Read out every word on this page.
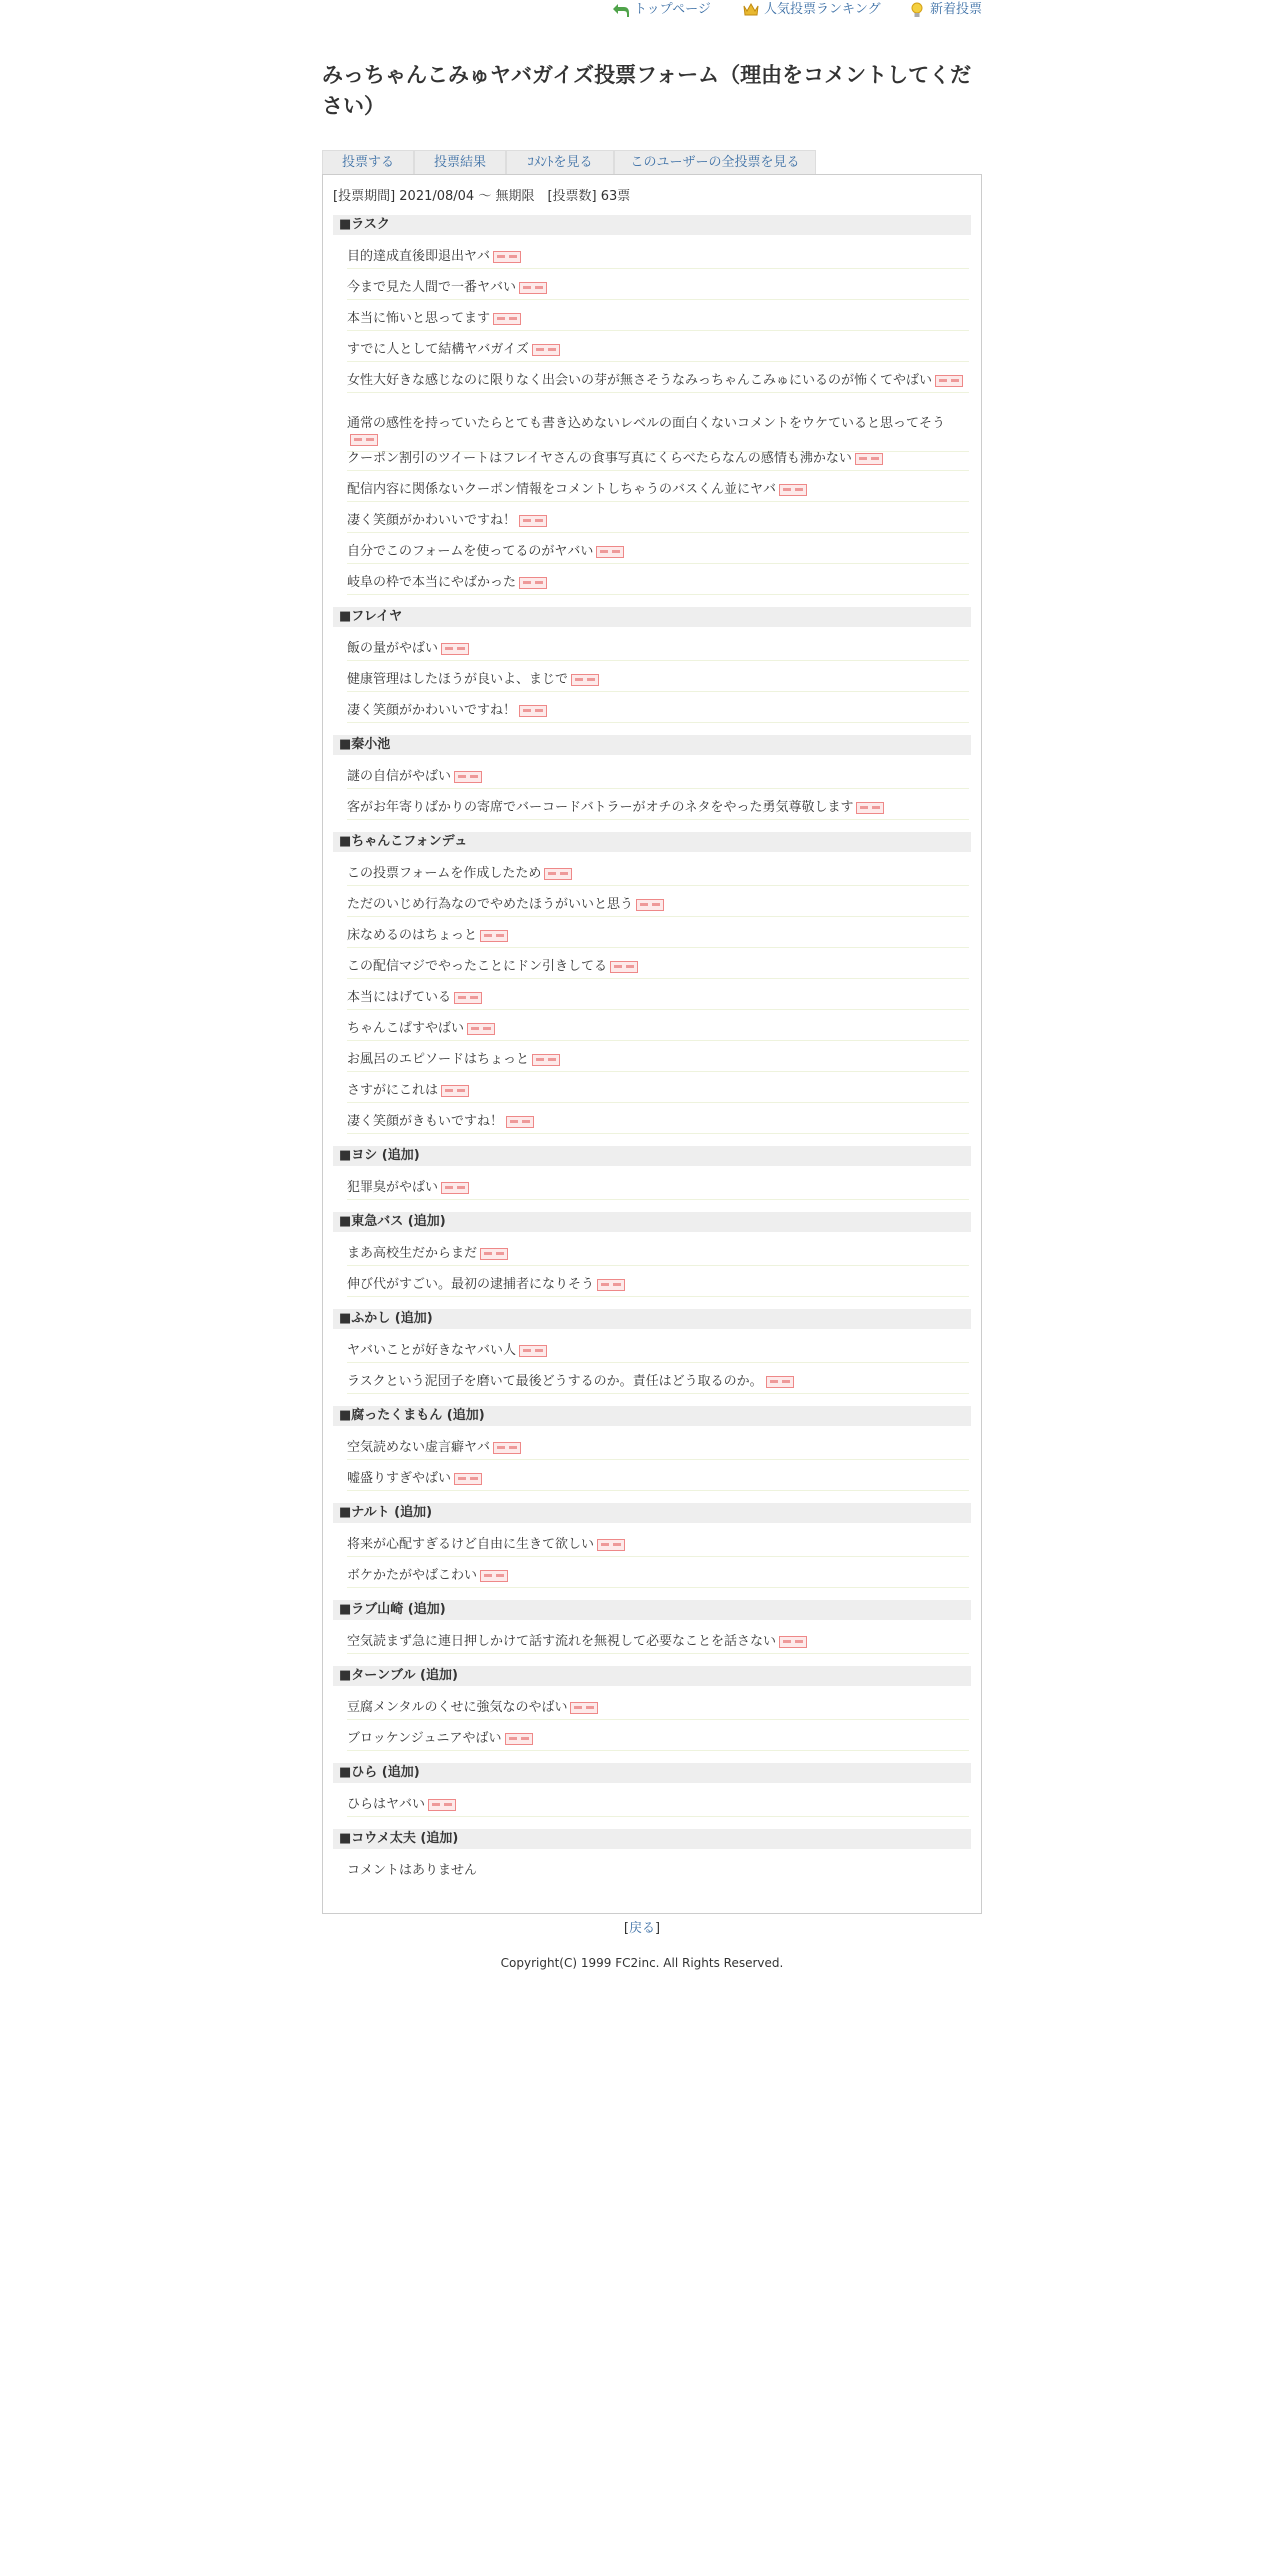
トップページ	人気投票ランキング	新着投票
みっちゃんこみゅヤバガイズ投票フォーム（理由をコメントしてください）
投票する	投票結果	ｺﾒﾝﾄを見る	このユーザーの全投票を見る
[投票期間] 2021/08/04 ～ 無期限　[投票数] 63票
■ラスク
目的達成直後即退出ヤバ
今まで見た人間で一番ヤバい
本当に怖いと思ってます
すでに人として結構ヤバガイズ
女性大好きな感じなのに限りなく出会いの芽が無さそうなみっちゃんこみゅにいるのが怖くてやばい
通常の感性を持っていたらとても書き込めないレベルの面白くないコメントをウケていると思ってそう
クーポン割引のツイートはフレイヤさんの食事写真にくらべたらなんの感情も沸かない
配信内容に関係ないクーポン情報をコメントしちゃうのバスくん並にヤバ
凄く笑顔がかわいいですね！
自分でこのフォームを使ってるのがヤバい
岐阜の枠で本当にやばかった
■フレイヤ
飯の量がやばい
健康管理はしたほうが良いよ、まじで
凄く笑顔がかわいいですね！
■秦小池
謎の自信がやばい
客がお年寄りばかりの寄席でバーコードバトラーがオチのネタをやった勇気尊敬します
■ちゃんこフォンデュ
この投票フォームを作成したため
ただのいじめ行為なのでやめたほうがいいと思う
床なめるのはちょっと
この配信マジでやったことにドン引きしてる
本当にはげている
ちゃんこぱすやばい
お風呂のエピソードはちょっと
さすがにこれは
凄く笑顔がきもいですね！
■ヨシ (追加)
犯罪臭がやばい
■東急バス (追加)
まあ高校生だからまだ
伸び代がすごい。最初の逮捕者になりそう
■ふかし (追加)
ヤバいことが好きなヤバい人
ラスクという泥団子を磨いて最後どうするのか。責任はどう取るのか。
■腐ったくまもん (追加)
空気読めない虚言癖ヤバ
嘘盛りすぎやばい
■ナルト (追加)
将来が心配すぎるけど自由に生きて欲しい
ボケかたがやばこわい
■ラブ山崎 (追加)
空気読まず急に連日押しかけて話す流れを無視して必要なことを話さない
■ターンブル (追加)
豆腐メンタルのくせに強気なのやばい
ブロッケンジュニアやばい
■ひら (追加)
ひらはヤバい
■コウメ太夫 (追加)
コメントはありません
[戻る]
Copyright(C) 1999 FC2inc. All Rights Reserved.
